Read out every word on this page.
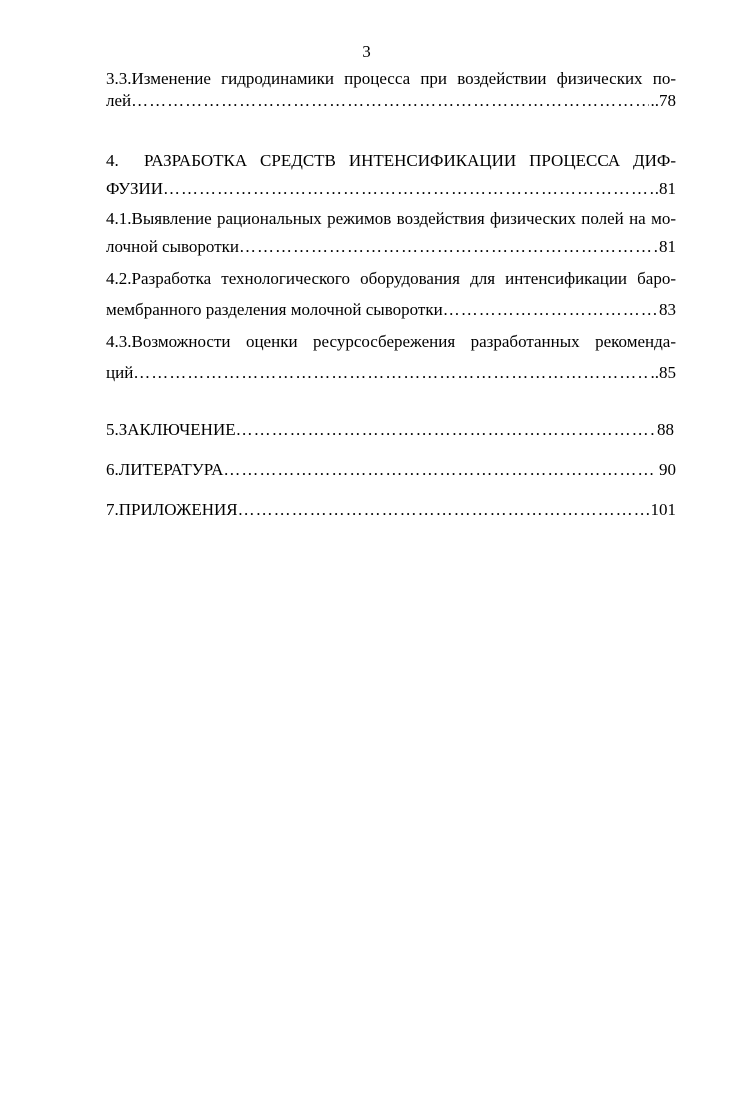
3
3.3.Изменение гидродинамики процесса при воздействии физических по-
лей ……………………………………………………………………………………………………………………………………………………………………………………………………………………	..78
4.	РАЗРАБОТКА СРЕДСТВ ИНТЕНСИФИКАЦИИ ПРОЦЕССА ДИФ-
ФУЗИИ ……………………………………………………………………………………………………………………………………………………………………………………………………………………	.81
4.1.Выявление рациональных режимов воздействия физических полей на мо-
лочной сыворотки ……………………………………………………………………………………………………………………………………………………………………………………………………………………	81
4.2.Разработка технологического оборудования для интенсификации баро-
мембранного разделения молочной сыворотки ……………………………………………………………………………………………………………………………………………………………………………………………………………………	83
4.3.Возможности оценки ресурсосбережения разработанных рекоменда-
ций ……………………………………………………………………………………………………………………………………………………………………………………………………………………	..85
5.ЗАКЛЮЧЕНИЕ ……………………………………………………………………………………………………………………………………………………………………………………………………………………	88
6.ЛИТЕРАТУРА ……………………………………………………………………………………………………………………………………………………………………………………………………………………	90
7.ПРИЛОЖЕНИЯ ……………………………………………………………………………………………………………………………………………………………………………………………………………………	101
